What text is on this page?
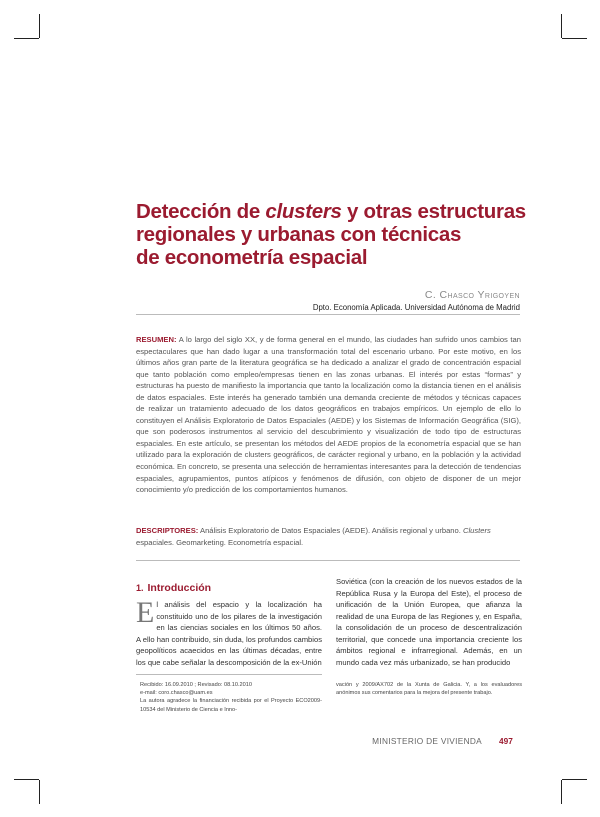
Detección de clusters y otras estructuras
regionales y urbanas con técnicas
de econometría espacial
C. Chasco Yrigoyen
Dpto. Economía Aplicada. Universidad Autónoma de Madrid

RESUMEN: A lo largo del siglo XX, y de forma general en el mundo, las ciudades han sufrido unos cambios tan espectaculares que han dado lugar a una transformación total del escenario urbano. Por este motivo, en los últimos años gran parte de la literatura geográfica se ha dedicado a analizar el grado de concentración espacial que tanto población como empleo/empresas tienen en las zonas urbanas. El interés por estas “formas” y estructuras ha puesto de manifiesto la importancia que tanto la localización como la distancia tienen en el análisis de datos espaciales. Este interés ha generado también una demanda creciente de métodos y técnicas capaces de realizar un tratamiento adecuado de los datos geográficos en trabajos empíricos. Un ejemplo de ello lo constituyen el Análisis Exploratorio de Datos Espaciales (AEDE) y los Sistemas de Información Geográfica (SIG), que son poderosos instrumentos al servicio del descubrimiento y visualización de todo tipo de estructuras espaciales. En este artículo, se presentan los métodos del AEDE propios de la econometría espacial que se han utilizado para la exploración de clusters geográficos, de carácter regional y urbano, en la población y la actividad económica. En concreto, se presenta una selección de herramientas interesantes para la detección de tendencias espaciales, agrupamientos, puntos atípicos y fenómenos de difusión, con objeto de disponer de un mejor conocimiento y/o predicción de los comportamientos humanos.

DESCRIPTORES: Análisis Exploratorio de Datos Espaciales (AEDE). Análisis regional y urbano. Clusters espaciales. Geomarketing. Econometría espacial.

1. Introducción

El análisis del espacio y la localización ha constituido uno de los pilares de la investigación en las ciencias sociales en los últimos 50 años. A ello han contribuido, sin duda, los profundos cambios geopolíticos acaecidos en las últimas décadas, entre los que cabe señalar la descomposición de la ex-Unión

Soviética (con la creación de los nuevos estados de la República Rusa y la Europa del Este), el proceso de unificación de la Unión Europea, que afianza la realidad de una Europa de las Regiones y, en España, la consolidación de un proceso de descentralización territorial, que concede una importancia creciente los ámbitos regional e infrarregional. Además, en un mundo cada vez más urbanizado, se han producido

Recibido: 16.09.2010 ; Revisado: 08.10.2010
e-mail: coro.chasco@uam.es
La autora agradece la financiación recibida por el Proyecto ECO2009-10534 del Ministerio de Ciencia e Inno-
vación y 2009/AX702 de la Xunta de Galicia. Y, a los evaluadores anónimos sus comentarios para la mejora del presente trabajo.
MINISTERIO DE VIVIENDA 497
